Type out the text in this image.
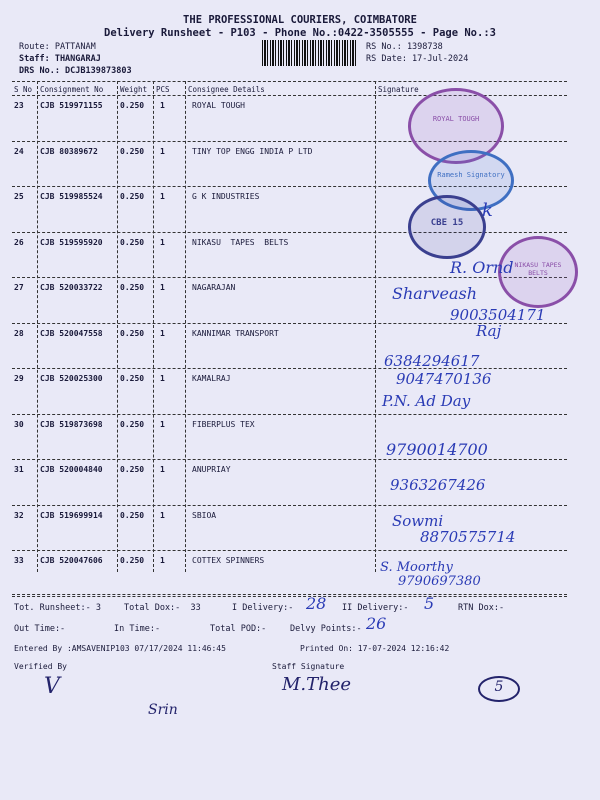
THE PROFESSIONAL COURIERS, COIMBATORE
Delivery Runsheet - P103 - Phone No.:0422-3505555 - Page No.:3
Route: PATTANAM
Staff: THANGARAJ
DRS No.: DCJB139873803
RS No.: 1398738
RS Date: 17-Jul-2024
S No Consignment No Weight PCS Consignee Details	Signature
23 CJB 519971155 0.250 1	ROYAL TOUGH
24 CJB 80389672	0.250 1	TINY TOP ENGG INDIA P LTD
25 CJB 519985524 0.250 1	G K INDUSTRIES
26 CJB 519595920 0.250 1	NIKASU  TAPES  BELTS
27 CJB 520033722 0.250 1	NAGARAJAN
28 CJB 520047558 0.250 1	KANNIMAR TRANSPORT
29 CJB 520025300 0.250 1	KAMALRAJ
30 CJB 519873698 0.250 1	FIBERPLUS TEX
31 CJB 520004840 0.250 1	ANUPRIAY
32 CJB 519699914 0.250 1	SBIOA
33 CJB 520047606 0.250 1	COTTEX SPINNERS
ROYAL TOUGH
Ramesh Signatory
CBE 15
NIKASU TAPES BELTS
k
R. Ornd
Sharveash
9003504171
Raj
6384294617
9047470136
P.N. Ad Day
9790014700
9363267426
Sowmi
8870575714
S. Moorthy
9790697380
Tot. Runsheet:- 3	Total Dox:-  33	I Delivery:- 28 II Delivery:- 5	RTN Dox:-
Out Time:-	In Time:-	Total POD:-	Delvy Points:- 26
Entered By :AMSAVENIP103 07/17/2024 11:46:45	Printed On: 17-07-2024 12:16:42
Verified By	Staff Signature
V	M.Thee	5
Srin
